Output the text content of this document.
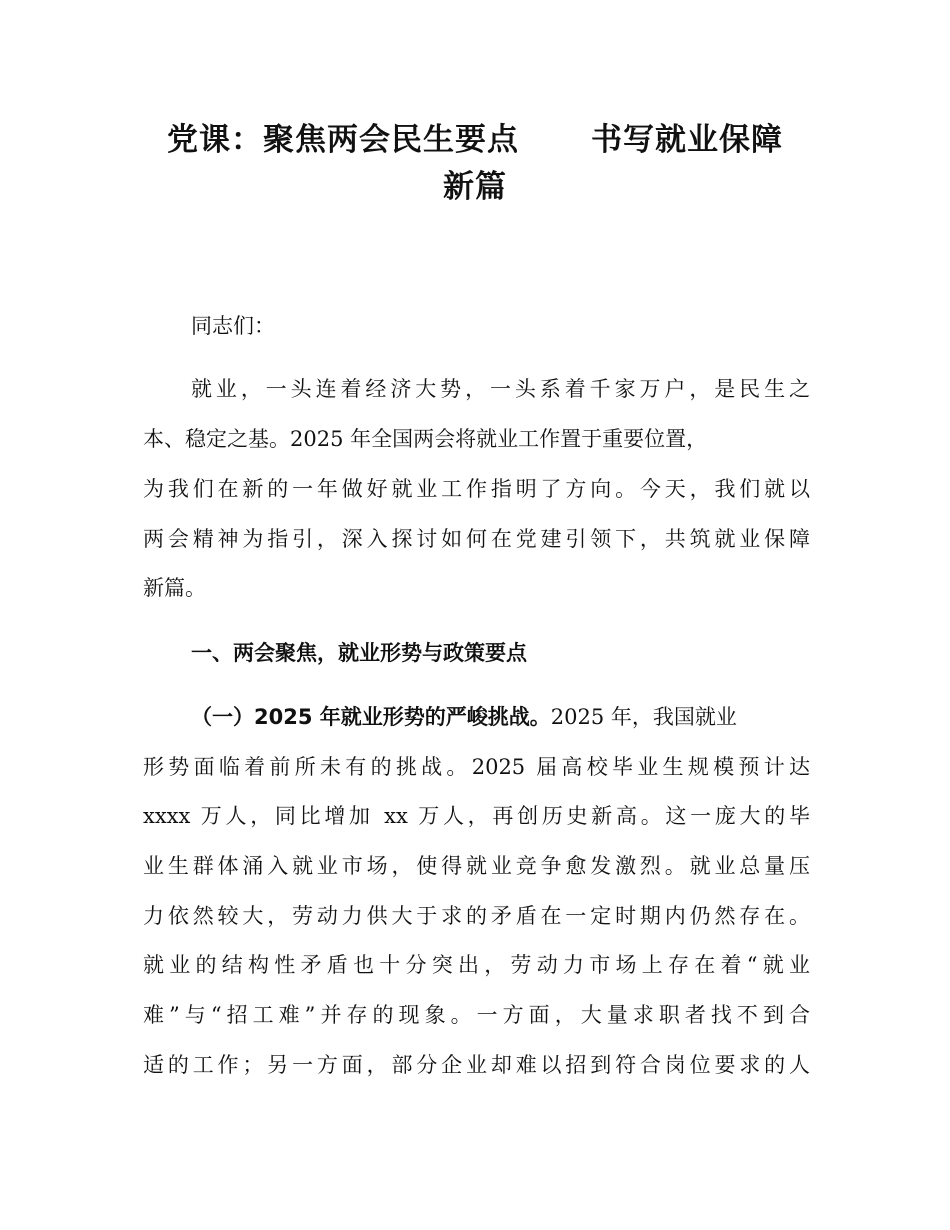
党课：聚焦两会民生要点 书写就业保障
新篇
同志们：
就业，一头连着经济大势，一头系着千家万户，是民生之
本、稳定之基。2025 年全国两会将就业工作置于重要位置，
为我们在新的一年做好就业工作指明了方向。今天，我们就以
两会精神为指引，深入探讨如何在党建引领下，共筑就业保障
新篇。
一、两会聚焦，就业形势与政策要点
（一）2025 年就业形势的严峻挑战。2025 年，我国就业
形势面临着前所未有的挑战。2025 届高校毕业生规模预计达
xxxx 万人，同比增加 xx 万人，再创历史新高。这一庞大的毕
业生群体涌入就业市场，使得就业竞争愈发激烈。就业总量压
力依然较大，劳动力供大于求的矛盾在一定时期内仍然存在。
就业的结构性矛盾也十分突出，劳动力市场上存在着“就业
难”与“招工难”并存的现象。一方面，大量求职者找不到合
适的工作；另一方面，部分企业却难以招到符合岗位要求的人
